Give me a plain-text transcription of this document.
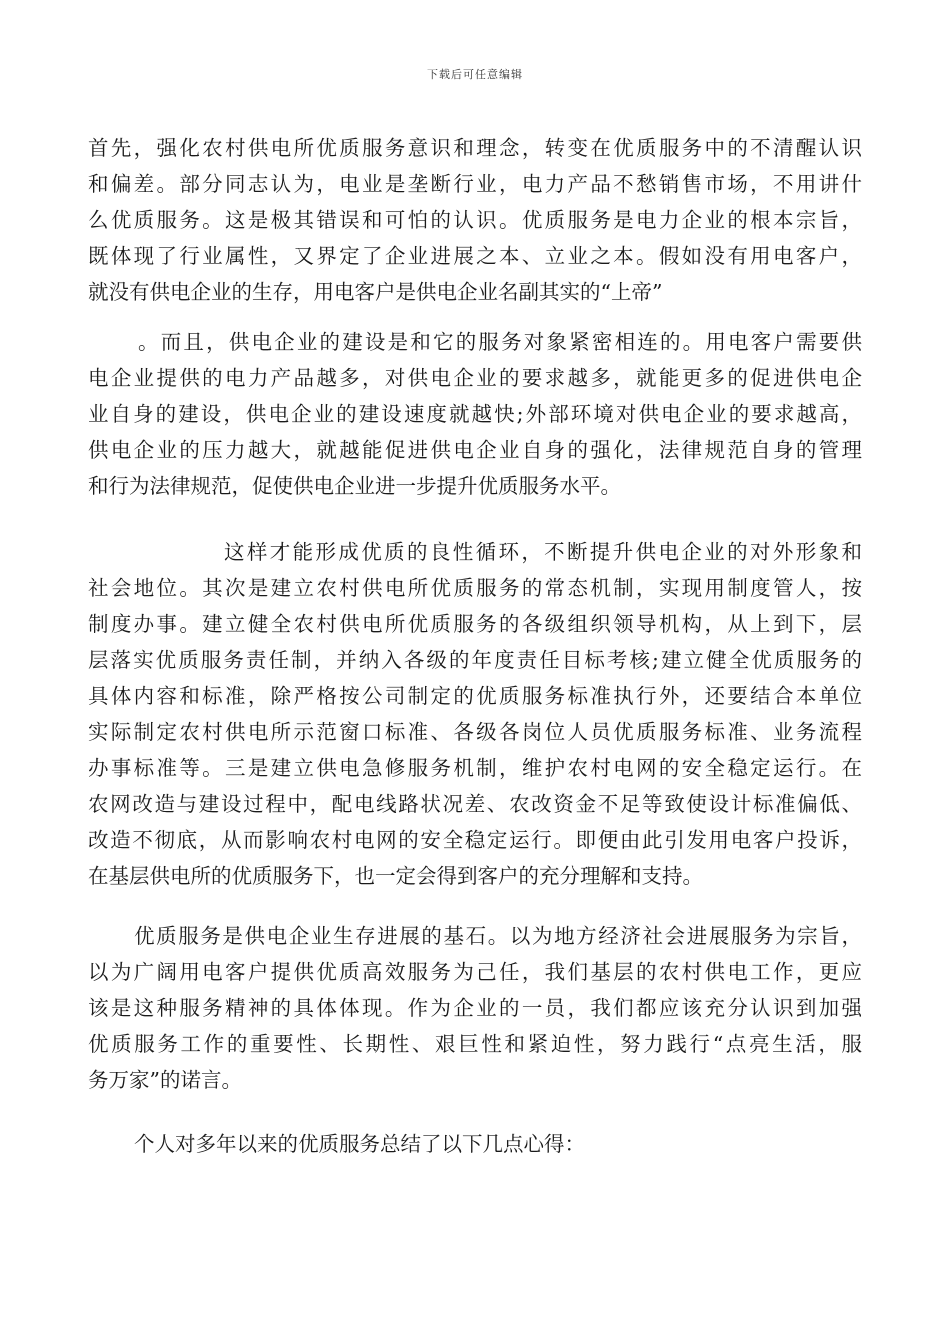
下载后可任意编辑
首先，强化农村供电所优质服务意识和理念，转变在优质服务中的不清醒认识
和偏差。部分同志认为，电业是垄断行业，电力产品不愁销售市场，不用讲什
么优质服务。这是极其错误和可怕的认识。优质服务是电力企业的根本宗旨，
既体现了行业属性，又界定了企业进展之本、立业之本。假如没有用电客户，
就没有供电企业的生存，用电客户是供电企业名副其实的“上帝”
。而且，供电企业的建设是和它的服务对象紧密相连的。用电客户需要供
电企业提供的电力产品越多，对供电企业的要求越多，就能更多的促进供电企
业自身的建设，供电企业的建设速度就越快;外部环境对供电企业的要求越高，
供电企业的压力越大，就越能促进供电企业自身的强化，法律规范自身的管理
和行为法律规范，促使供电企业进一步提升优质服务水平。
这样才能形成优质的良性循环，不断提升供电企业的对外形象和
社会地位。其次是建立农村供电所优质服务的常态机制，实现用制度管人，按
制度办事。建立健全农村供电所优质服务的各级组织领导机构，从上到下，层
层落实优质服务责任制，并纳入各级的年度责任目标考核;建立健全优质服务的
具体内容和标准，除严格按公司制定的优质服务标准执行外，还要结合本单位
实际制定农村供电所示范窗口标准、各级各岗位人员优质服务标准、业务流程
办事标准等。三是建立供电急修服务机制，维护农村电网的安全稳定运行。在
农网改造与建设过程中，配电线路状况差、农改资金不足等致使设计标准偏低、
改造不彻底，从而影响农村电网的安全稳定运行。即便由此引发用电客户投诉，
在基层供电所的优质服务下，也一定会得到客户的充分理解和支持。
优质服务是供电企业生存进展的基石。以为地方经济社会进展服务为宗旨，
以为广阔用电客户提供优质高效服务为己任，我们基层的农村供电工作，更应
该是这种服务精神的具体体现。作为企业的一员，我们都应该充分认识到加强
优质服务工作的重要性、长期性、艰巨性和紧迫性，努力践行“点亮生活，服
务万家”的诺言。
个人对多年以来的优质服务总结了以下几点心得：
